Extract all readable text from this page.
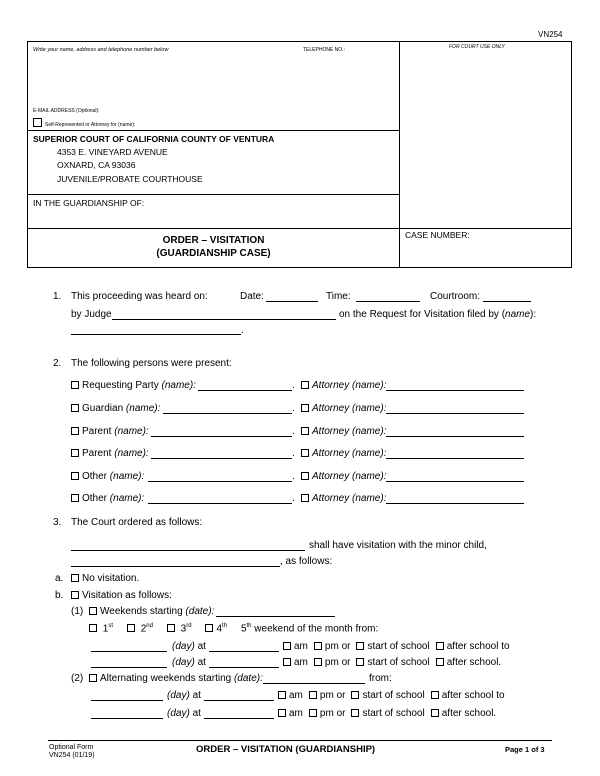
VN254
Write your name, address and telephone number below	TELEPHONE NO.:	FOR COURT USE ONLY
E-MAIL ADDRESS (Optional):
Self-Represented or Attorney for (name):
SUPERIOR COURT OF CALIFORNIA COUNTY OF VENTURA
4353 E. VINEYARD AVENUE
OXNARD, CA 93036
JUVENILE/PROBATE COURTHOUSE
IN THE GUARDIANSHIP OF:
ORDER – VISITATION
(GUARDIANSHIP CASE)
CASE NUMBER:
1. This proceeding was heard on:	Date:	Time:	Courtroom:
by Judge	on the Request for Visitation filed by (name):
.
2. The following persons were present:
Requesting Party (name):	.	Attorney (name):
Guardian (name):	.	Attorney (name):
Parent (name):	.	Attorney (name):
Parent (name):	.	Attorney (name):
Other (name):	.	Attorney (name):
Other (name):	.	Attorney (name):
3. The Court ordered as follows:
shall have visitation with the minor child,
, as follows:
a.	No visitation.
b.	Visitation as follows:
(1)	Weekends starting (date):
1st	2nd	3rd 4th 5th weekend of the month from:
(day) at	am pm or start of school after school to
(day) at	am pm or start of school after school.
(day) at	am pm or start of school after school to
(day) at	am pm or start of school after school.
(2)	Alternating weekends starting (date):	from:
Optional Form
VN254 (01/19)
ORDER – VISITATION (GUARDIANSHIP)	Page 1 of 3
